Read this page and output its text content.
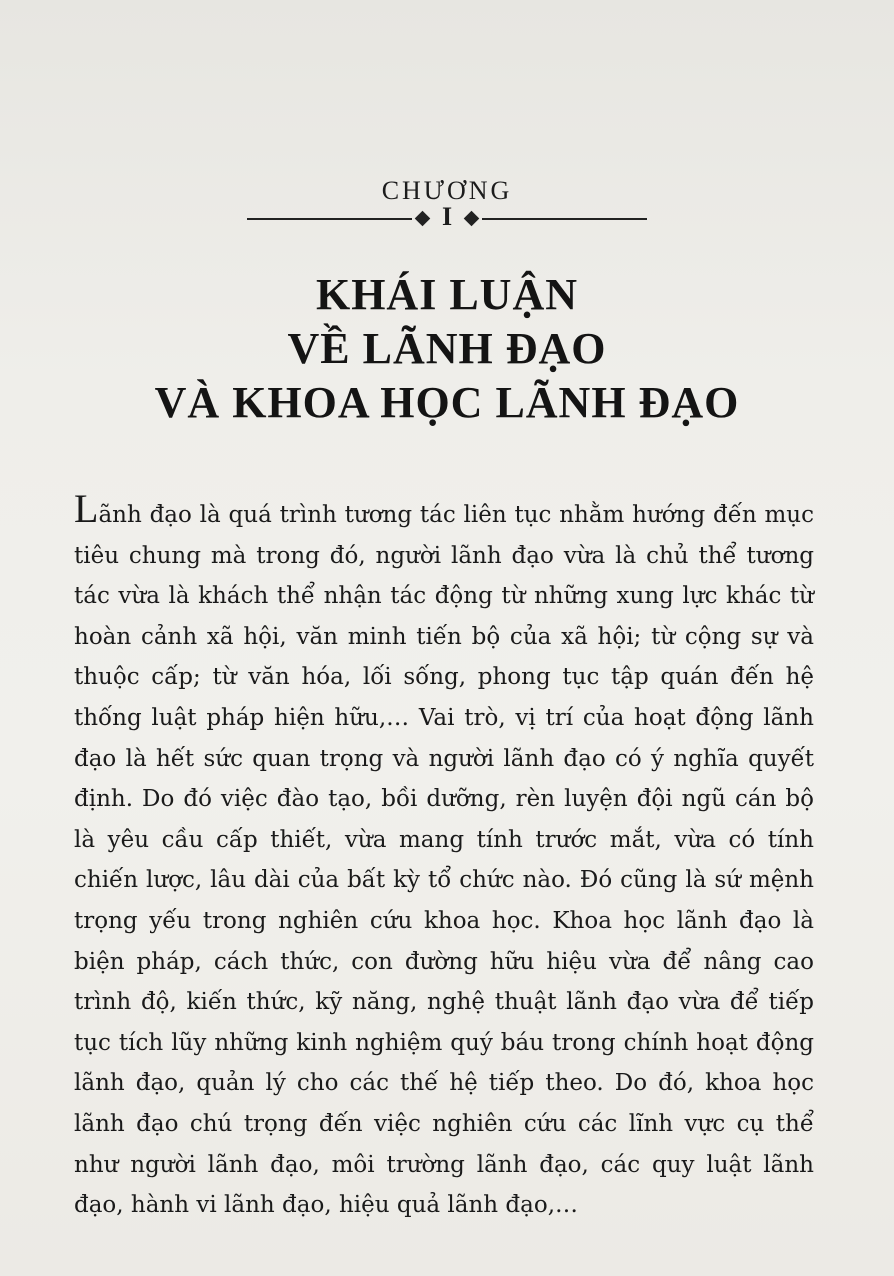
CHƯƠNG
I
KHÁI LUẬN
VỀ LÃNH ĐẠO
VÀ KHOA HỌC LÃNH ĐẠO

Lãnh đạo là quá trình tương tác liên tục nhằm hướng đến mục tiêu chung mà trong đó, người lãnh đạo vừa là chủ thể tương tác vừa là khách thể nhận tác động từ những xung lực khác từ hoàn cảnh xã hội, văn minh tiến bộ của xã hội; từ cộng sự và thuộc cấp; từ văn hóa, lối sống, phong tục tập quán đến hệ thống luật pháp hiện hữu,… Vai trò, vị trí của hoạt động lãnh đạo là hết sức quan trọng và người lãnh đạo có ý nghĩa quyết định. Do đó việc đào tạo, bồi dưỡng, rèn luyện đội ngũ cán bộ là yêu cầu cấp thiết, vừa mang tính trước mắt, vừa có tính chiến lược, lâu dài của bất kỳ tổ chức nào. Đó cũng là sứ mệnh trọng yếu trong nghiên cứu khoa học. Khoa học lãnh đạo là biện pháp, cách thức, con đường hữu hiệu vừa để nâng cao trình độ, kiến thức, kỹ năng, nghệ thuật lãnh đạo vừa để tiếp tục tích lũy những kinh nghiệm quý báu trong chính hoạt động lãnh đạo, quản lý cho các thế hệ tiếp theo. Do đó, khoa học lãnh đạo chú trọng đến việc nghiên cứu các lĩnh vực cụ thể như người lãnh đạo, môi trường lãnh đạo, các quy luật lãnh đạo, hành vi lãnh đạo, hiệu quả lãnh đạo,…
